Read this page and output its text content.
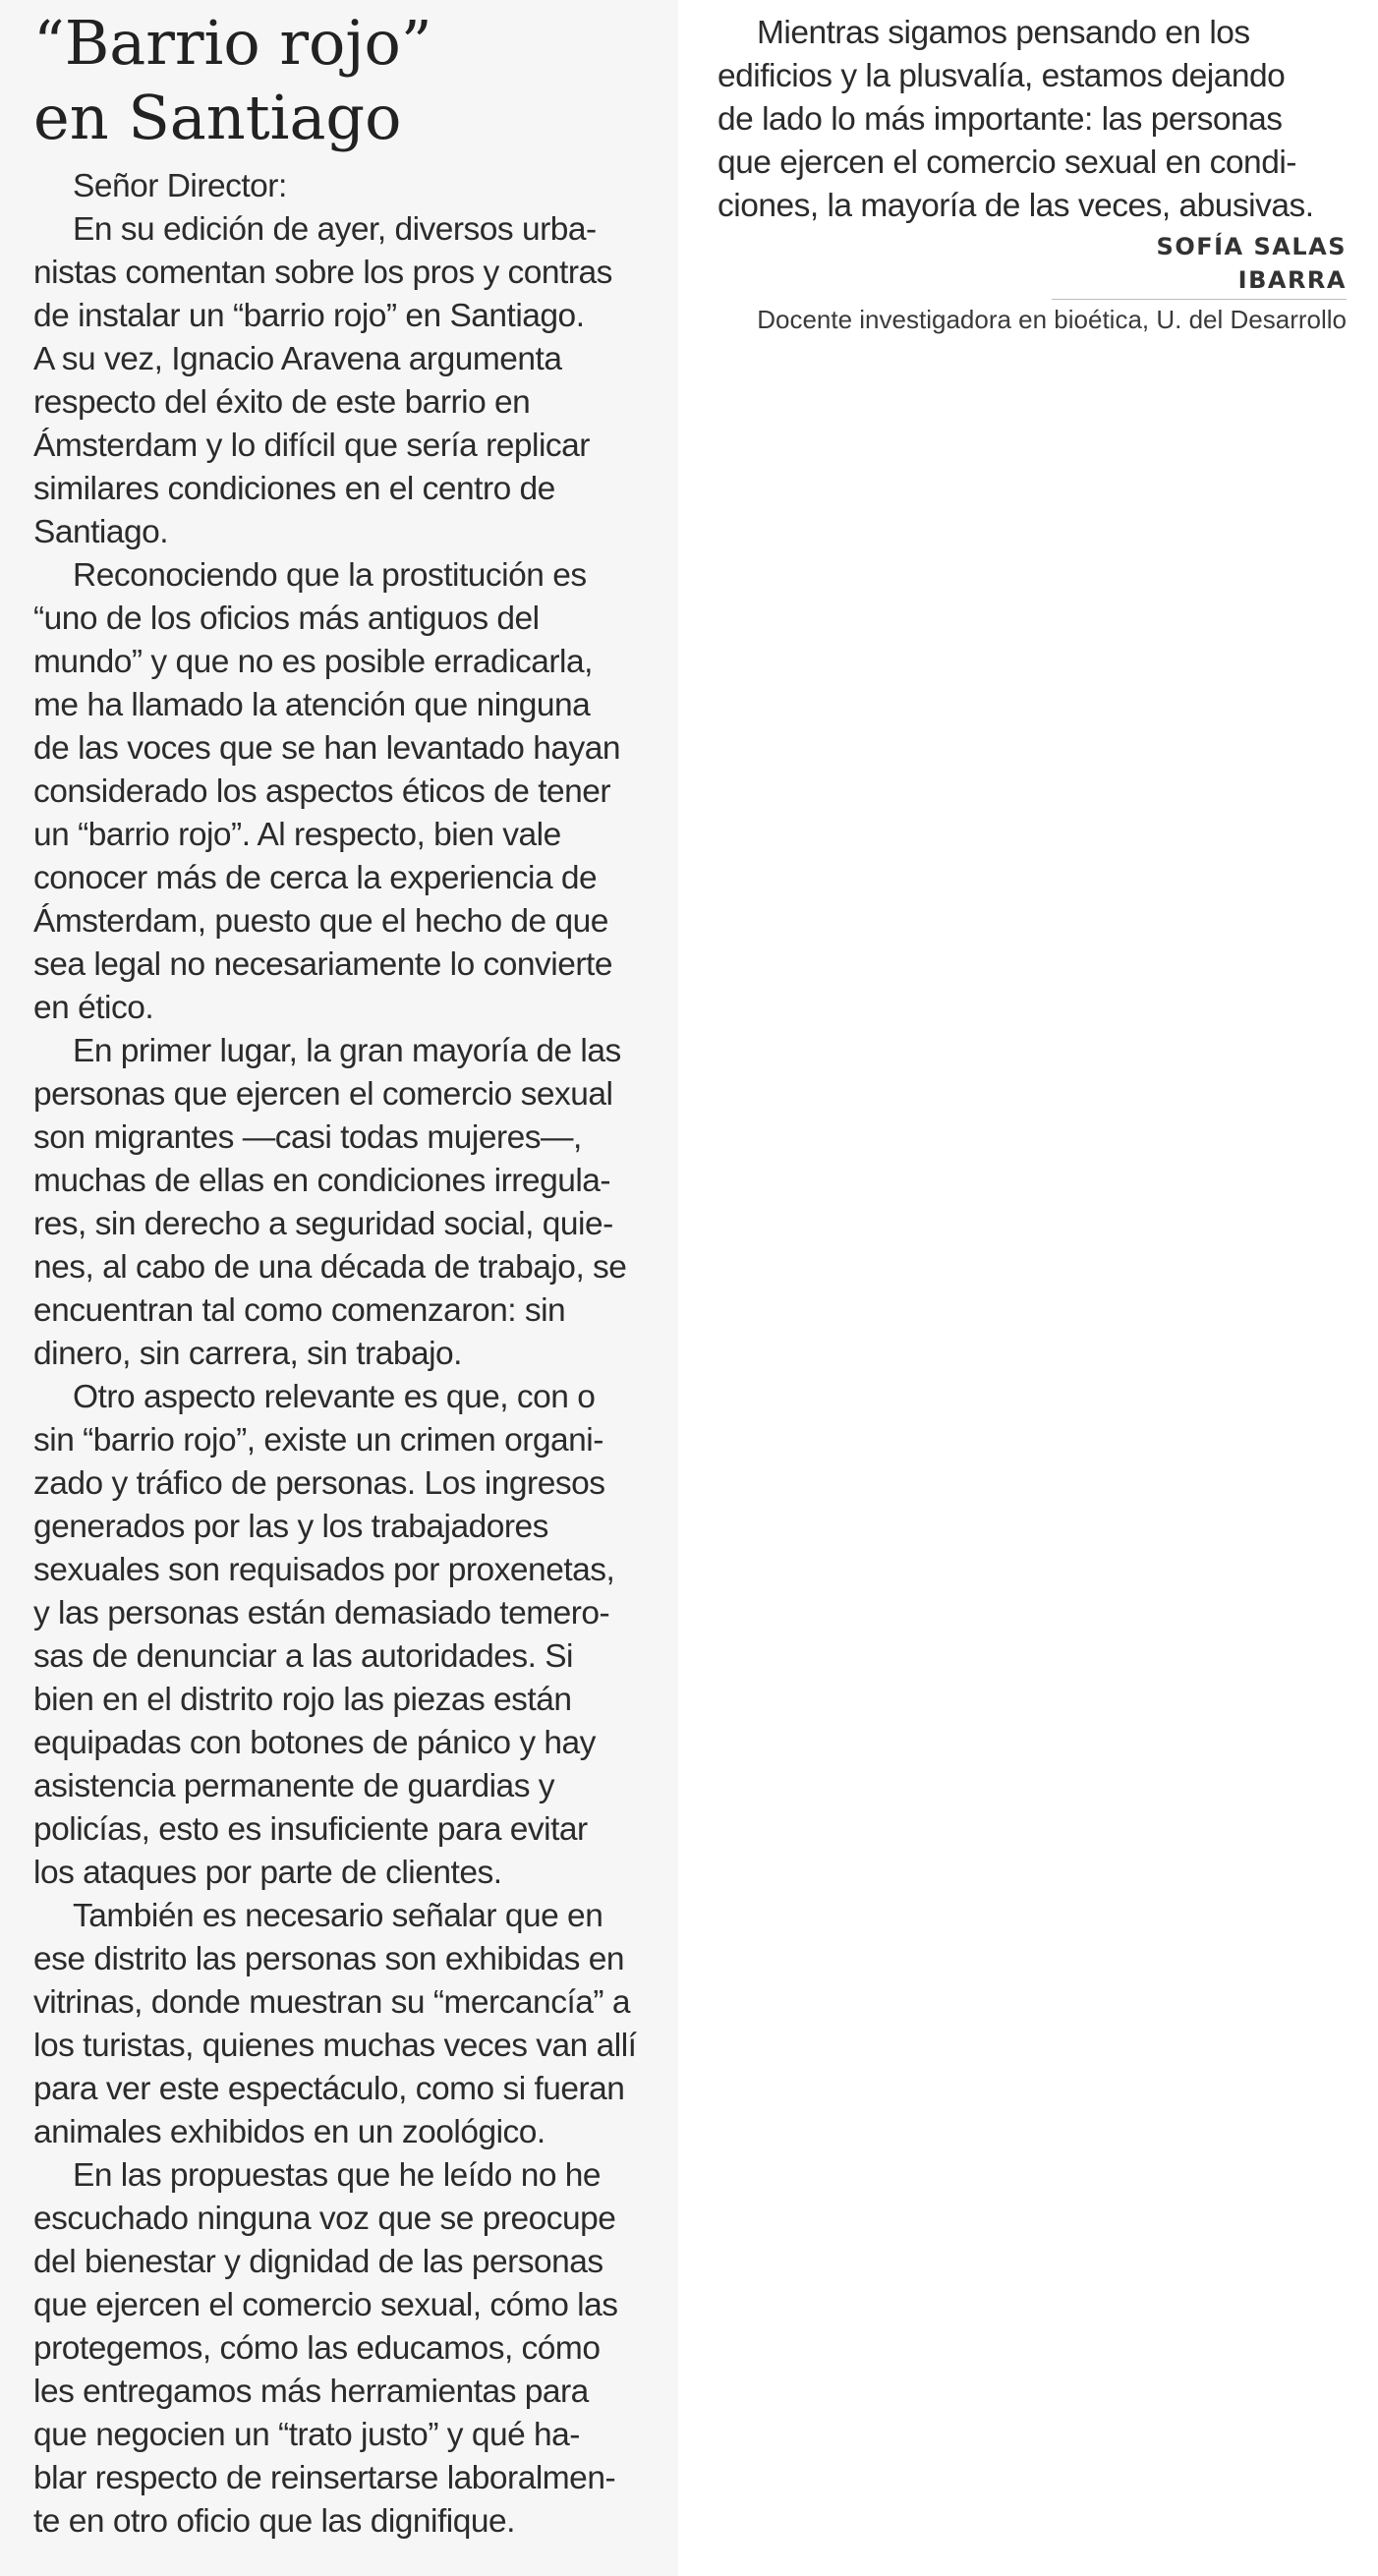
“Barrio rojo”
en Santiago
Señor Director:
En su edición de ayer, diversos urba-
nistas comentan sobre los pros y contras
de instalar un “barrio rojo” en Santiago.
A su vez, Ignacio Aravena argumenta
respecto del éxito de este barrio en
Ámsterdam y lo difícil que sería replicar
similares condiciones en el centro de
Santiago.
Reconociendo que la prostitución es
“uno de los oficios más antiguos del
mundo” y que no es posible erradicarla,
me ha llamado la atención que ninguna
de las voces que se han levantado hayan
considerado los aspectos éticos de tener
un “barrio rojo”. Al respecto, bien vale
conocer más de cerca la experiencia de
Ámsterdam, puesto que el hecho de que
sea legal no necesariamente lo convierte
en ético.
En primer lugar, la gran mayoría de las
personas que ejercen el comercio sexual
son migrantes —casi todas mujeres—,
muchas de ellas en condiciones irregula-
res, sin derecho a seguridad social, quie-
nes, al cabo de una década de trabajo, se
encuentran tal como comenzaron: sin
dinero, sin carrera, sin trabajo.
Otro aspecto relevante es que, con o
sin “barrio rojo”, existe un crimen organi-
zado y tráfico de personas. Los ingresos
generados por las y los trabajadores
sexuales son requisados por proxenetas,
y las personas están demasiado temero-
sas de denunciar a las autoridades. Si
bien en el distrito rojo las piezas están
equipadas con botones de pánico y hay
asistencia permanente de guardias y
policías, esto es insuficiente para evitar
los ataques por parte de clientes.
También es necesario señalar que en
ese distrito las personas son exhibidas en
vitrinas, donde muestran su “mercancía” a
los turistas, quienes muchas veces van allí
para ver este espectáculo, como si fueran
animales exhibidos en un zoológico.
En las propuestas que he leído no he
escuchado ninguna voz que se preocupe
del bienestar y dignidad de las personas
que ejercen el comercio sexual, cómo las
protegemos, cómo las educamos, cómo
les entregamos más herramientas para
que negocien un “trato justo” y qué ha-
blar respecto de reinsertarse laboralmen-
te en otro oficio que las dignifique.
Mientras sigamos pensando en los
edificios y la plusvalía, estamos dejando
de lado lo más importante: las personas
que ejercen el comercio sexual en condi-
ciones, la mayoría de las veces, abusivas.
SOFÍA SALAS IBARRA
Docente investigadora en bioética, U. del Desarrollo
